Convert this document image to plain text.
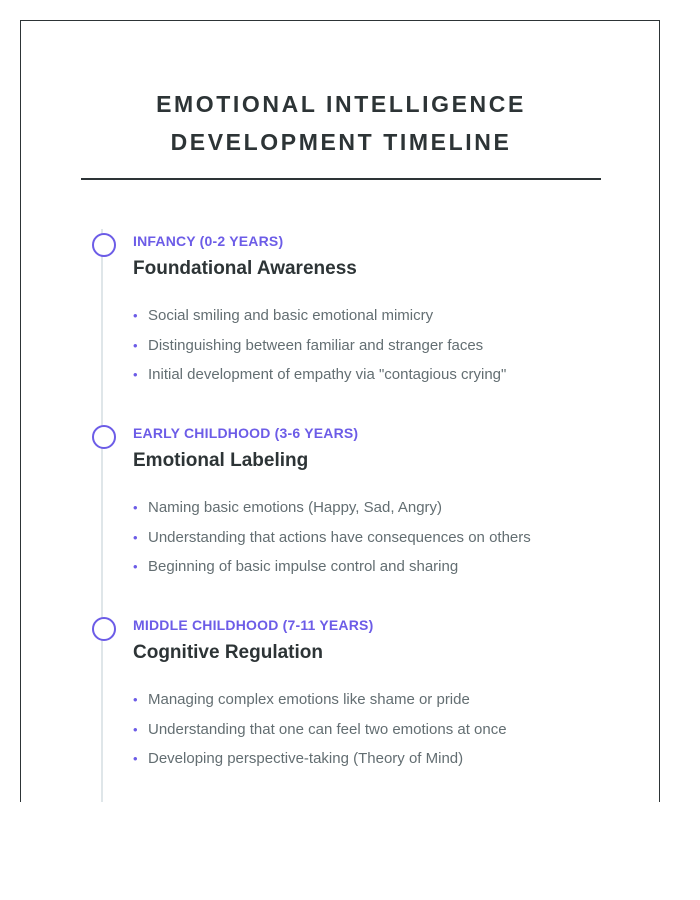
EMOTIONAL INTELLIGENCE
DEVELOPMENT TIMELINE
INFANCY (0-2 YEARS)
Foundational Awareness
• Social smiling and basic emotional mimicry
• Distinguishing between familiar and stranger faces
• Initial development of empathy via "contagious crying"
EARLY CHILDHOOD (3-6 YEARS)
Emotional Labeling
• Naming basic emotions (Happy, Sad, Angry)
• Understanding that actions have consequences on others
• Beginning of basic impulse control and sharing
MIDDLE CHILDHOOD (7-11 YEARS)
Cognitive Regulation
• Managing complex emotions like shame or pride
• Understanding that one can feel two emotions at once
• Developing perspective-taking (Theory of Mind)
